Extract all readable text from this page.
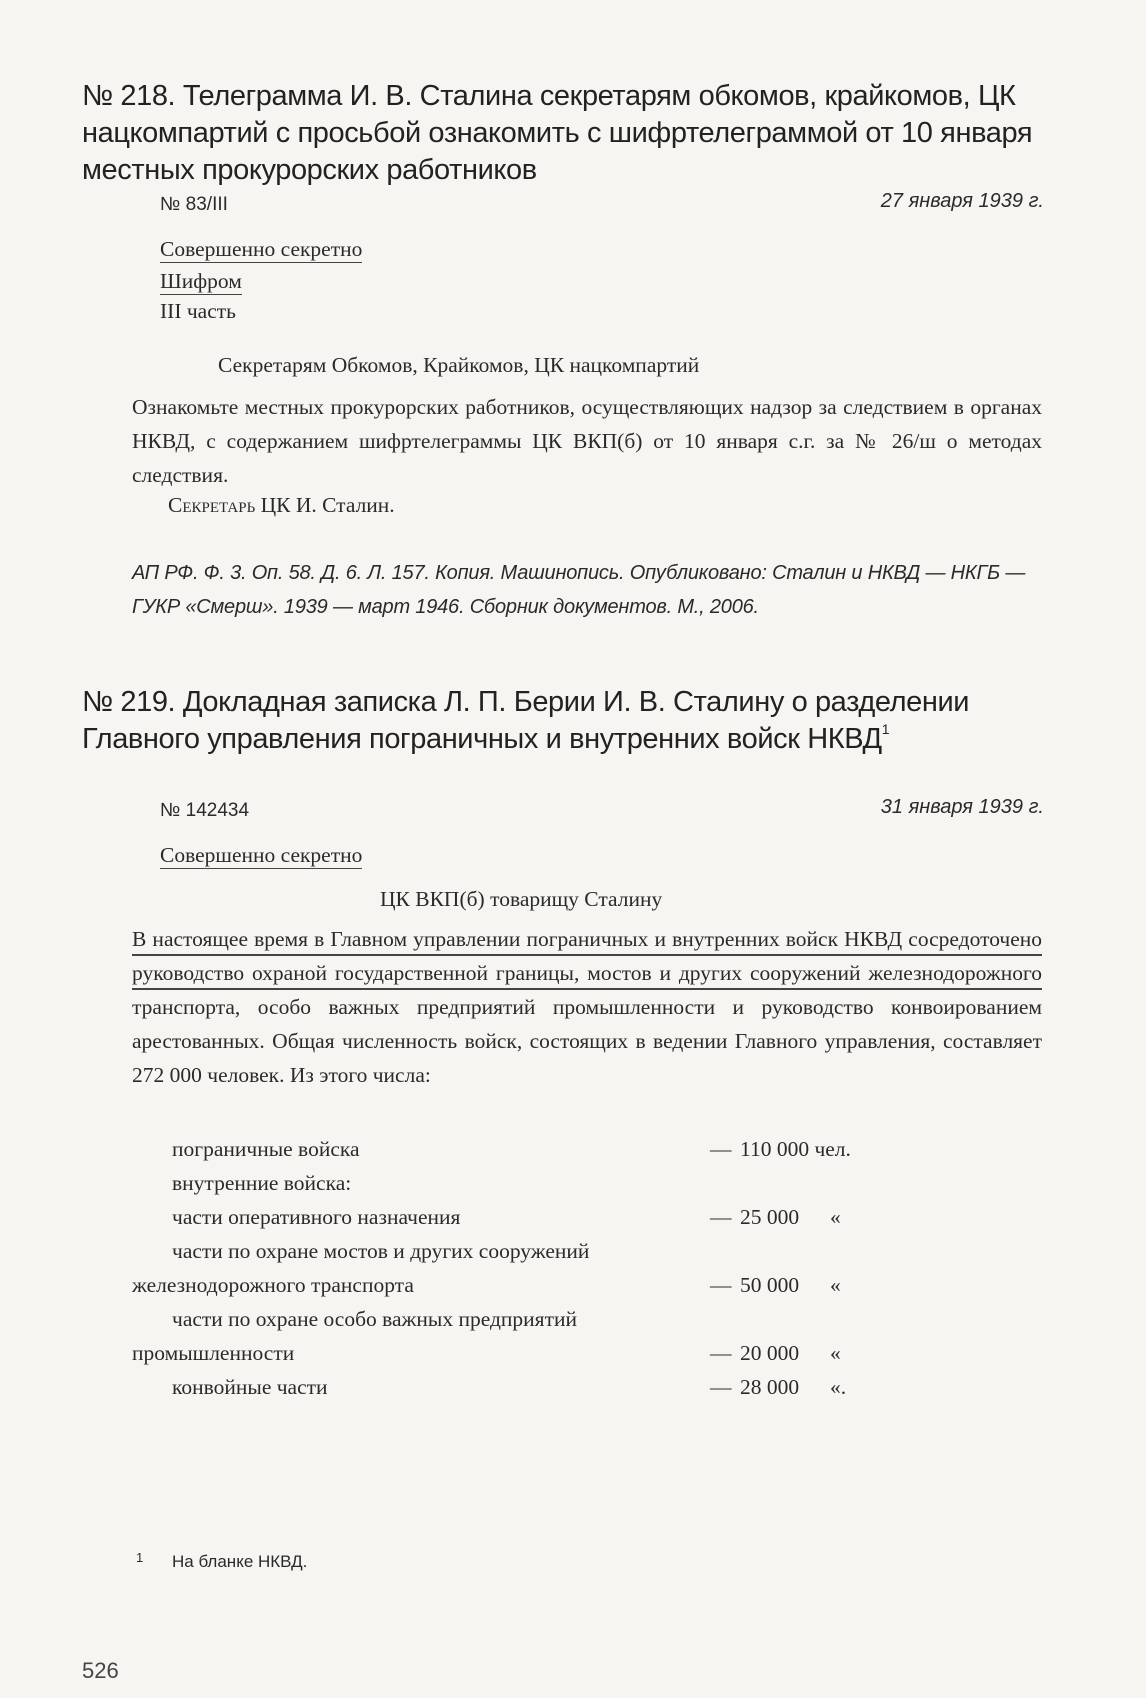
№ 218. Телеграмма И. В. Сталина секретарям обкомов, крайкомов, ЦК нацкомпартий с просьбой ознакомить с шифртелеграммой от 10 января местных прокурорских работников
№ 83/III	27 января 1939 г.
Совершенно секретно
Шифром
III часть
Секретарям Обкомов, Крайкомов, ЦК нацкомпартий
Ознакомьте местных прокурорских работников, осуществляющих надзор за следствием в органах НКВД, с содержанием шифртелеграммы ЦК ВКП(б) от 10 января с.г. за № 26/ш о методах следствия.
Секретарь ЦК И. Сталин.
АП РФ. Ф. 3. Оп. 58. Д. 6. Л. 157. Копия. Машинопись. Опубликовано: Сталин и НКВД — НКГБ — ГУКР «Смерш». 1939 — март 1946. Сборник документов. М., 2006.
№ 219. Докладная записка Л. П. Берии И. В. Сталину о разделении Главного управления пограничных и внутренних войск НКВД$^1$
№ 142434	31 января 1939 г.
Совершенно секретно
ЦК ВКП(б) товарищу Сталину
В настоящее время в Главном управлении пограничных и внутренних войск НКВД сосредоточено руководство охраной государственной границы, мостов и других сооружений железнодорожного транспорта, особо важных предприятий промышленности и руководство конвоированием арестованных. Общая численность войск, состоящих в ведении Главного управления, составляет 272 000 человек. Из этого числа:
пограничные войска	— 110 000 чел.
внутренние войска:
части оперативного назначения	— 25 000 «
части по охране мостов и других сооружений
железнодорожного транспорта	— 50 000 «
части по охране особо важных предприятий
промышленности	— 20 000 «
конвойные части	— 28 000 «.
1 На бланке НКВД.
526
